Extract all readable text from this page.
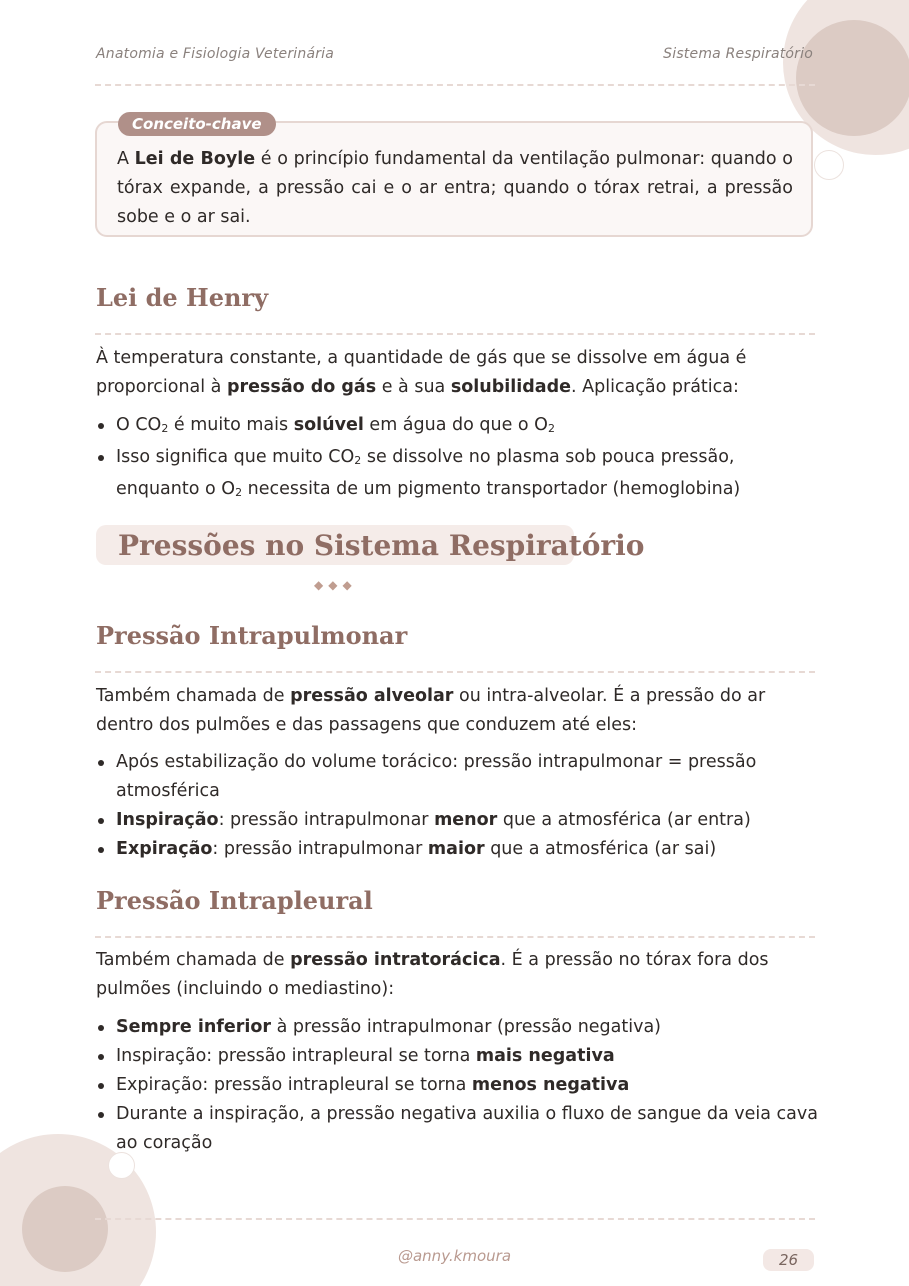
Anatomia e Fisiologia Veterinária	Sistema Respiratório
Conceito-chave
A Lei de Boyle é o princípio fundamental da ventilação pulmonar: quando o tórax expande, a pressão cai e o ar entra; quando o tórax retrai, a pressão sobe e o ar sai.
Lei de Henry
À temperatura constante, a quantidade de gás que se dissolve em água é proporcional à pressão do gás e à sua solubilidade. Aplicação prática:
O $CO_2$ é muito mais solúvel em água do que o $O_2$
Isso significa que muito $CO_2$ se dissolve no plasma sob pouca pressão, enquanto o $O_2$ necessita de um pigmento transportador (hemoglobina)
Pressões no Sistema Respiratório
◆◆◆
Pressão Intrapulmonar
Também chamada de pressão alveolar ou intra-alveolar. É a pressão do ar dentro dos pulmões e das passagens que conduzem até eles:
Após estabilização do volume torácico: pressão intrapulmonar = pressão atmosférica
Inspiração: pressão intrapulmonar menor que a atmosférica (ar entra)
Expiração: pressão intrapulmonar maior que a atmosférica (ar sai)
Pressão Intrapleural
Também chamada de pressão intratorácica. É a pressão no tórax fora dos pulmões (incluindo o mediastino):
Sempre inferior à pressão intrapulmonar (pressão negativa)
Inspiração: pressão intrapleural se torna mais negativa
Expiração: pressão intrapleural se torna menos negativa
Durante a inspiração, a pressão negativa auxilia o fluxo de sangue da veia cava ao coração
@anny.kmoura	26
